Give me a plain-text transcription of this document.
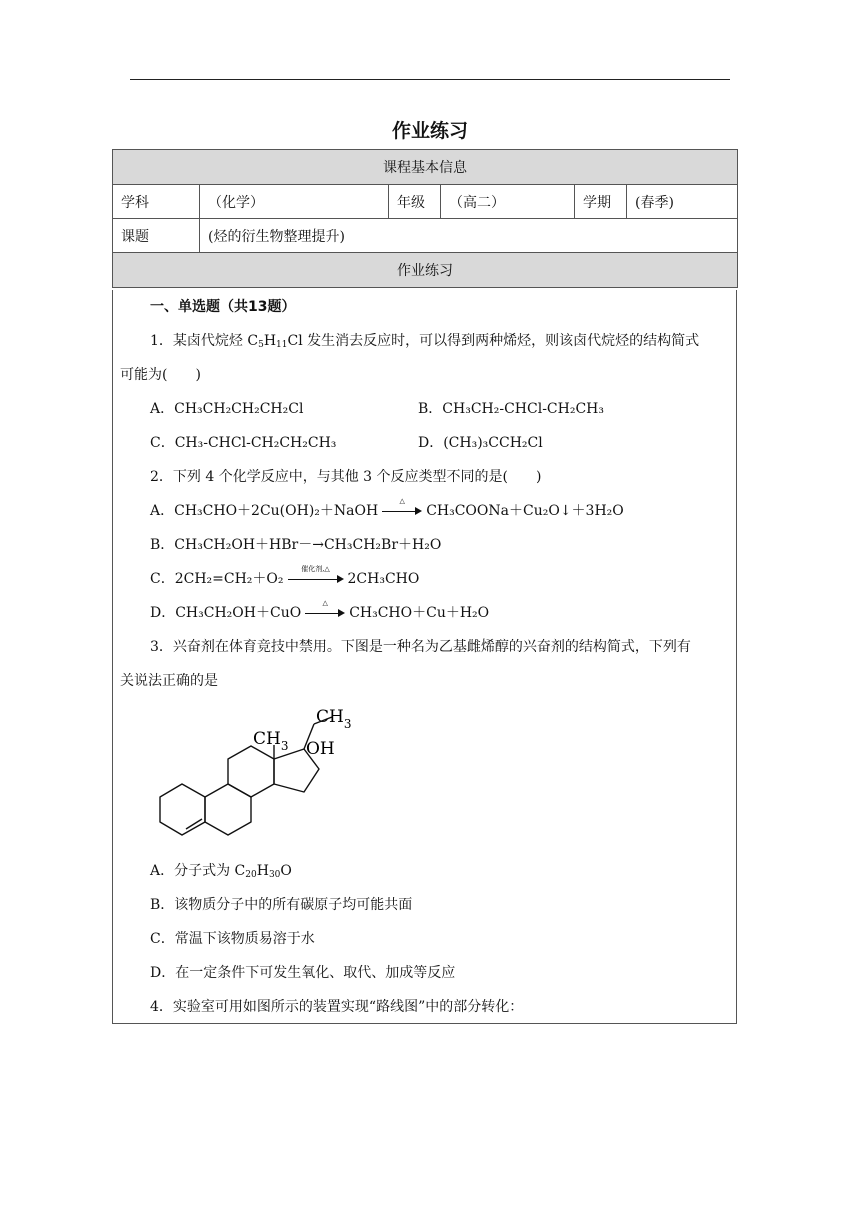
作业练习
课程基本信息					
学科	（化学）	年级	（高二）	学期	(春季)
课题	(烃的衍生物整理提升)				
作业练习					
一、单选题（共13题）
1．某卤代烷烃 $C_5H_{11}Cl$ 发生消去反应时，可以得到两种烯烃，则该卤代烷烃的结构简式
可能为(　　)
A．CH₃CH₂CH₂CH₂Cl	B．CH₃CH₂-CHCl-CH₂CH₃
C．CH₃-CHCl-CH₂CH₂CH₃	D．(CH₃)₃CCH₂Cl
2．下列 4 个化学反应中，与其他 3 个反应类型不同的是(　　)
A．CH₃CHO＋2Cu(OH)₂＋NaOH
△
CH₃COONa＋Cu₂O↓＋3H₂O
B．CH₃CH₂OH＋HBr－→CH₃CH₂Br＋H₂O
C．2CH₂=CH₂＋O₂
催化剂,△
2CH₃CHO
D．CH₃CH₂OH＋CuO
△
CH₃CHO＋Cu＋H₂O
3．兴奋剂在体育竞技中禁用。下图是一种名为乙基雌烯醇的兴奋剂的结构简式，下列有
关说法正确的是
$CH_3$
$CH_3$ OH
A．分子式为 $C_{20}H_{30}O$
B．该物质分子中的所有碳原子均可能共面
C．常温下该物质易溶于水
D．在一定条件下可发生氧化、取代、加成等反应
4．实验室可用如图所示的装置实现“路线图”中的部分转化：
